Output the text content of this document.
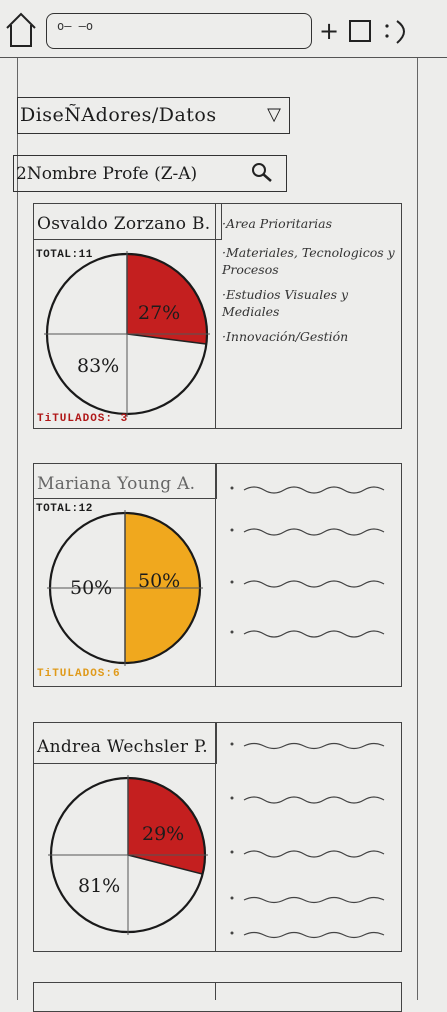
o— —o	+
DiseÑAdores/Datos	▽
2Nombre Profe (Z-A)
Osvaldo Zorzano B.
TOTAL:11
27%
83%
TiTULADOS: 3
·Area Prioritarias
·Materiales, Tecnologicos y Procesos
·Estudios Visuales y Mediales
·Innovación/Gestión
Mariana Young A.
TOTAL:12
50%
50%
TiTULADOS:6
Andrea Wechsler P.
29%
81%
